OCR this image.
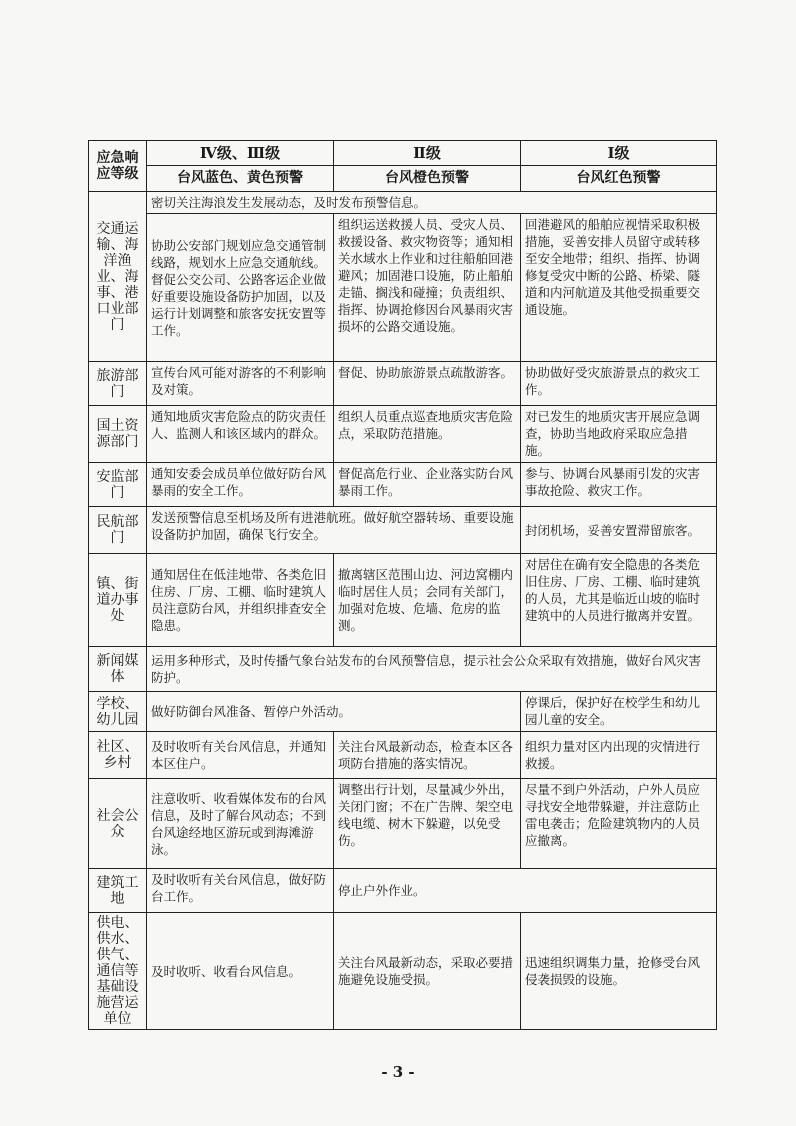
应急响应等级	Ⅳ级、Ⅲ级	Ⅱ级	Ⅰ级
	台风蓝色、黄色预警	台风橙色预警	台风红色预警
交通运输、海洋渔业、海事、港口业部门	密切关注海浪发生发展动态，及时发布预警信息。		
	协助公安部门规划应急交通管制线路，规划水上应急交通航线。督促公交公司、公路客运企业做好重要设施设备防护加固，以及运行计划调整和旅客安抚安置等工作。	组织运送救援人员、受灾人员、救援设备、救灾物资等；通知相关水域水上作业和过往船舶回港避风；加固港口设施，防止船舶走锚、搁浅和碰撞；负责组织、指挥、协调抢修因台风暴雨灾害损坏的公路交通设施。	回港避风的船舶应视情采取积极措施，妥善安排人员留守或转移至安全地带；组织、指挥、协调修复受灾中断的公路、桥梁、隧道和内河航道及其他受损重要交通设施。
旅游部门	宣传台风可能对游客的不利影响及对策。	督促、协助旅游景点疏散游客。	协助做好受灾旅游景点的救灾工作。
国土资源部门	通知地质灾害危险点的防灾责任人、监测人和该区域内的群众。	组织人员重点巡查地质灾害危险点，采取防范措施。	对已发生的地质灾害开展应急调查，协助当地政府采取应急措施。
安监部门	通知安委会成员单位做好防台风暴雨的安全工作。	督促高危行业、企业落实防台风暴雨工作。	参与、协调台风暴雨引发的灾害事故抢险、救灾工作。
民航部门	发送预警信息至机场及所有进港航班。做好航空器转场、重要设施设备防护加固，确保飞行安全。		封闭机场，妥善安置滞留旅客。
镇、街道办事处	通知居住在低洼地带、各类危旧住房、厂房、工棚、临时建筑人员注意防台风，并组织排查安全隐患。	撤离辖区范围山边、河边窝棚内临时居住人员；会同有关部门，加强对危坡、危墙、危房的监测。	对居住在确有安全隐患的各类危旧住房、厂房、工棚、临时建筑的人员，尤其是临近山坡的临时建筑中的人员进行撤离并安置。
新闻媒体	运用多种形式，及时传播气象台站发布的台风预警信息，提示社会公众采取有效措施，做好台风灾害防护。		
学校、幼儿园	做好防御台风准备、暂停户外活动。		停课后，保护好在校学生和幼儿园儿童的安全。
社区、乡村	及时收听有关台风信息，并通知本区住户。	关注台风最新动态，检查本区各项防台措施的落实情况。	组织力量对区内出现的灾情进行救援。
社会公众	注意收听、收看媒体发布的台风信息，及时了解台风动态；不到台风途经地区游玩或到海滩游泳。	调整出行计划，尽量减少外出，关闭门窗；不在广告牌、架空电线电缆、树木下躲避，以免受伤。	尽量不到户外活动，户外人员应寻找安全地带躲避，并注意防止雷电袭击；危险建筑物内的人员应撤离。
建筑工地	及时收听有关台风信息，做好防台工作。	停止户外作业。	
供电、供水、供气、通信等基础设施营运单位	及时收听、收看台风信息。	关注台风最新动态，采取必要措施避免设施受损。	迅速组织调集力量，抢修受台风侵袭损毁的设施。
- 3 -
